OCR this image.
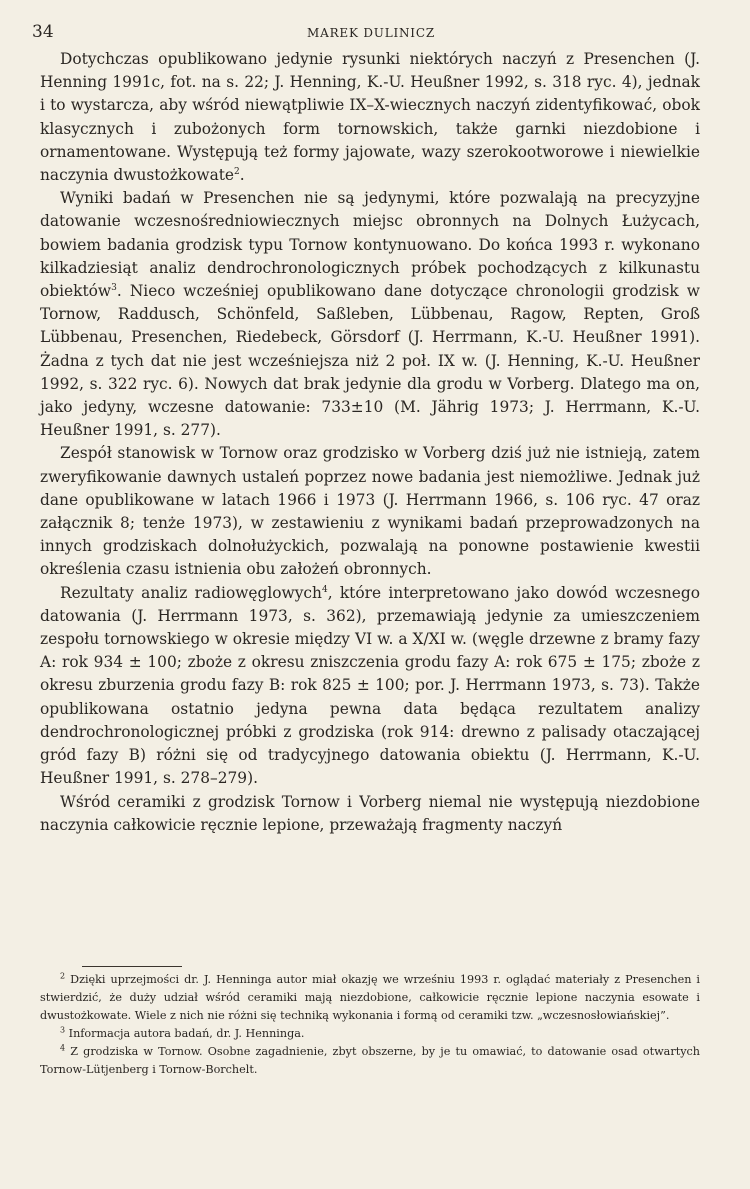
34	MAREK DULINICZ

Dotychczas opublikowano jedynie rysunki niektórych naczyń z Presenchen (J. Henning 1991c, fot. na s. 22; J. Henning, K.-U. Heußner 1992, s. 318 ryc. 4), jednak i to wystarcza, aby wśród niewątpliwie IX–X-wiecznych naczyń zidentyfikować, obok klasycznych i zubożonych form tornowskich, także garnki niezdobione i ornamentowane. Występują też formy jajowate, wazy szerokootworowe i niewielkie naczynia dwustożkowate$^2$.

Wyniki badań w Presenchen nie są jedynymi, które pozwalają na precyzyjne datowanie wczesnośredniowiecznych miejsc obronnych na Dolnych Łużycach, bowiem badania grodzisk typu Tornow kontynuowano. Do końca 1993 r. wykonano kilkadziesiąt analiz dendrochronologicznych próbek pochodzących z kilkunastu obiektów$^3$. Nieco wcześniej opublikowano dane dotyczące chronologii grodzisk w Tornow, Raddusch, Schönfeld, Saßleben, Lübbenau, Ragow, Repten, Groß Lübbenau, Presenchen, Riedebeck, Görsdorf (J. Herrmann, K.-U. Heußner 1991). Żadna z tych dat nie jest wcześniejsza niż 2 poł. IX w. (J. Henning, K.-U. Heußner 1992, s. 322 ryc. 6). Nowych dat brak jedynie dla grodu w Vorberg. Dlatego ma on, jako jedyny, wczesne datowanie: 733±10 (M. Jährig 1973; J. Herrmann, K.-U. Heußner 1991, s. 277).

Zespół stanowisk w Tornow oraz grodzisko w Vorberg dziś już nie istnieją, zatem zweryfikowanie dawnych ustaleń poprzez nowe badania jest niemożliwe. Jednak już dane opublikowane w latach 1966 i 1973 (J. Herrmann 1966, s. 106 ryc. 47 oraz załącznik 8; tenże 1973), w zestawieniu z wynikami badań przeprowadzonych na innych grodziskach dolnołużyckich, pozwalają na ponowne postawienie kwestii określenia czasu istnienia obu założeń obronnych.

Rezultaty analiz radiowęglowych$^4$, które interpretowano jako dowód wczesnego datowania (J. Herrmann 1973, s. 362), przemawiają jedynie za umieszczeniem zespołu tornowskiego w okresie między VI w. a X/XI w. (węgle drzewne z bramy fazy A: rok 934 ± 100; zboże z okresu zniszczenia grodu fazy A: rok 675 ± 175; zboże z okresu zburzenia grodu fazy B: rok 825 ± 100; por. J. Herrmann 1973, s. 73). Także opublikowana ostatnio jedyna pewna data będąca rezultatem analizy dendrochronologicznej próbki z grodziska (rok 914: drewno z palisady otaczającej gród fazy B) różni się od tradycyjnego datowania obiektu (J. Herrmann, K.-U. Heußner 1991, s. 278–279).

Wśród ceramiki z grodzisk Tornow i Vorberg niemal nie występują niezdobione naczynia całkowicie ręcznie lepione, przeważają fragmenty naczyń

$^2$ Dzięki uprzejmości dr. J. Henninga autor miał okazję we wrześniu 1993 r. oglądać materiały z Presenchen i stwierdzić, że duży udział wśród ceramiki mają niezdobione, całkowicie ręcznie lepione naczynia esowate i dwustożkowate. Wiele z nich nie różni się techniką wykonania i formą od ceramiki tzw. „wczesnosłowiańskiej”.

$^3$ Informacja autora badań, dr. J. Henninga.

$^4$ Z grodziska w Tornow. Osobne zagadnienie, zbyt obszerne, by je tu omawiać, to datowanie osad otwartych Tornow-Lütjenberg i Tornow-Borchelt.
